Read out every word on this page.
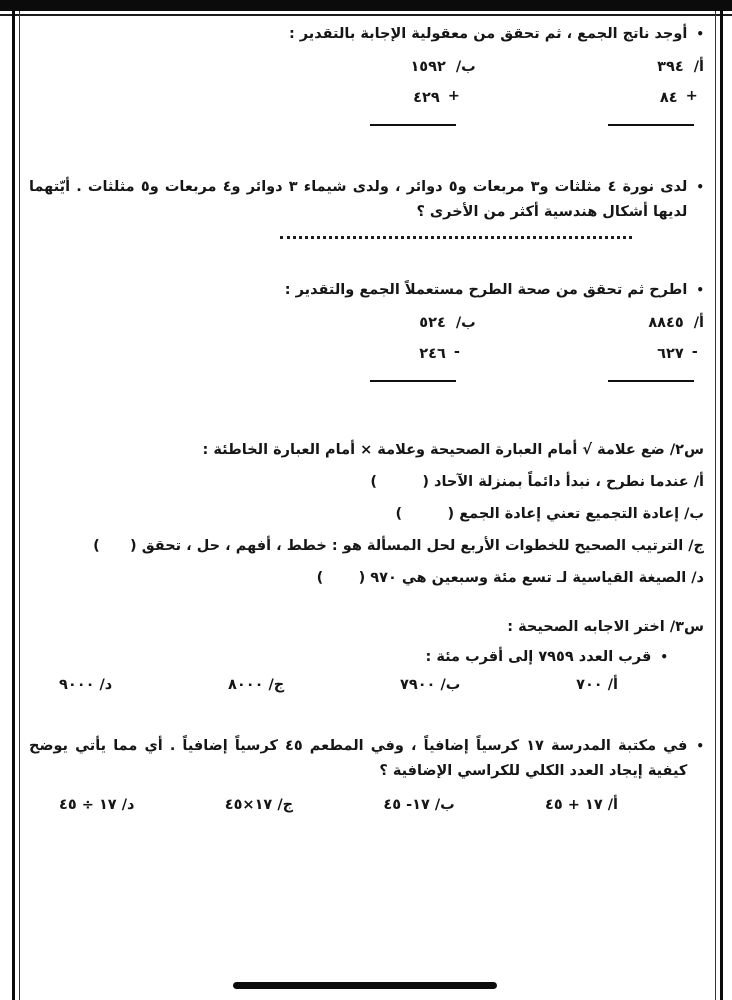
•
أوجد ناتج الجمع ، ثم تحقق من معقولية الإجابة بالتقدير :
أ/
٣٩٤
+
٨٤
ب/
١٥٩٢
+
٤٢٩
•
لدى نورة ٤ مثلثات و٣ مربعات و٥ دوائر ، ولدى شيماء ٣ دوائر و٤ مربعات و٥ مثلثات . أيّتهما لديها أشكال هندسية أكثر من الأخرى ؟
•
اطرح ثم تحقق من صحة الطرح مستعملاً الجمع والتقدير :
أ/
٨٨٤٥
-
٦٢٧
ب/
٥٢٤
-
٢٤٦
س٢/ ضع علامة √ أمام العبارة الصحيحة وعلامة × أمام العبارة الخاطئة :
أ/ عندما نطرح ، نبدأ دائماً بمنزلة الآحاد (         )
ب/ إعادة التجميع تعني إعادة الجمع (         )
ج/ الترتيب الصحيح للخطوات الأربع لحل المسألة هو : خطط ، أفهم ، حل ، تحقق (      )
د/ الصيغة القياسية لـ تسع مئة وسبعين هي ٩٧٠ (       )
س٣/ اختر الاجابه الصحيحة :
•
قرب العدد ٧٩٥٩ إلى أقرب مئة :
أ/ ٧٠٠
ب/ ٧٩٠٠
ج/ ٨٠٠٠
د/ ٩٠٠٠
•
في مكتبة المدرسة ١٧ كرسياً إضافياً ، وفي المطعم ٤٥ كرسياً إضافياً . أي مما يأتي يوضح كيفية إيجاد العدد الكلي للكراسي الإضافية ؟
أ/ ١٧ + ٤٥
ب/ ١٧- ٤٥
ج/ ١٧×٤٥
د/ ١٧ ÷ ٤٥
